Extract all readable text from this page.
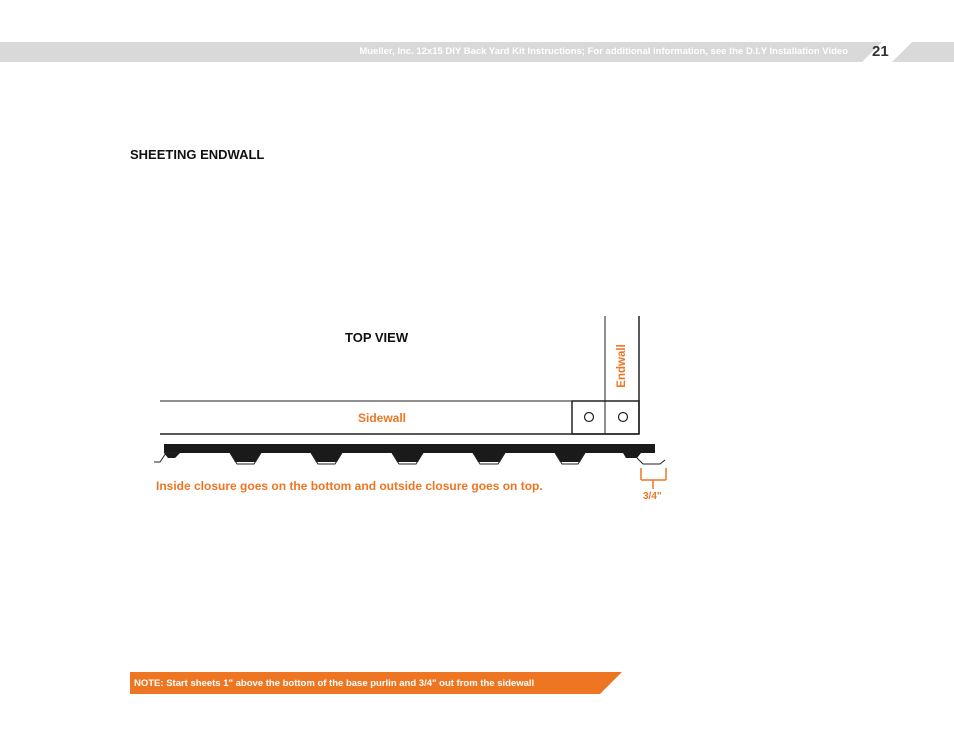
Mueller, Inc. 12x15 DIY Back Yard Kit Instructions; For additional information, see the D.I.Y Installation Video 21
SHEETING ENDWALL
TOP VIEW
Sidewall
Endwall
Inside closure goes on the bottom and outside closure goes on top.
3/4"
NOTE: Start sheets 1" above the bottom of the base purlin and 3/4" out from the sidewall
